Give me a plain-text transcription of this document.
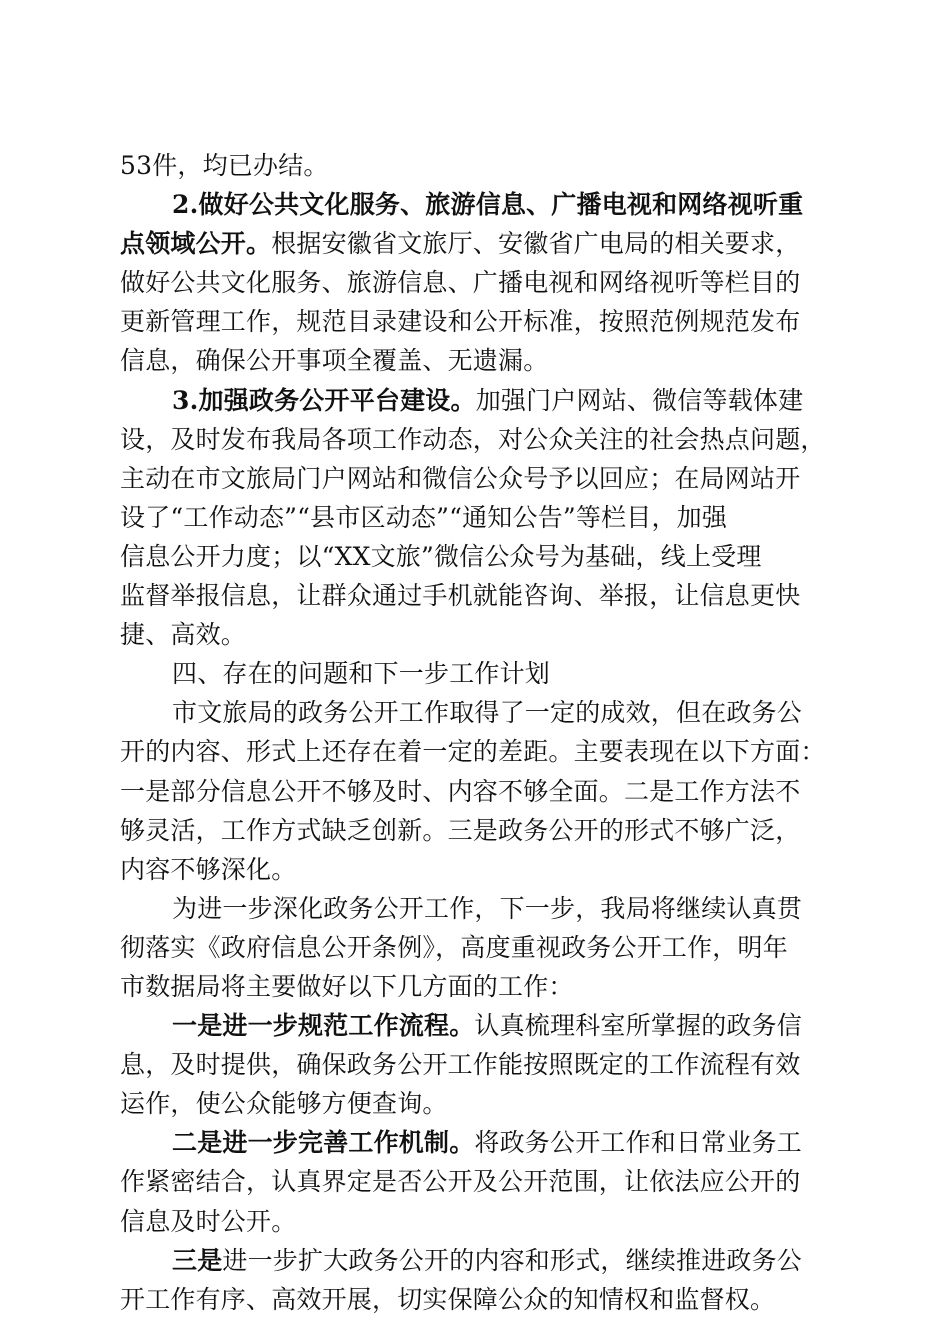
53件，均已办结。
2.做好公共文化服务、旅游信息、广播电视和网络视听重
点领域公开。根据安徽省文旅厅、安徽省广电局的相关要求，
做好公共文化服务、旅游信息、广播电视和网络视听等栏目的
更新管理工作，规范目录建设和公开标准，按照范例规范发布
信息，确保公开事项全覆盖、无遗漏。
3.加强政务公开平台建设。加强门户网站、微信等载体建
设，及时发布我局各项工作动态，对公众关注的社会热点问题，
主动在市文旅局门户网站和微信公众号予以回应；在局网站开
设了“工作动态”“县市区动态”“通知公告”等栏目，加强
信息公开力度；以“XX文旅”微信公众号为基础，线上受理
监督举报信息，让群众通过手机就能咨询、举报，让信息更快
捷、高效。
四、存在的问题和下一步工作计划
市文旅局的政务公开工作取得了一定的成效，但在政务公
开的内容、形式上还存在着一定的差距。主要表现在以下方面：
一是部分信息公开不够及时、内容不够全面。二是工作方法不
够灵活，工作方式缺乏创新。三是政务公开的形式不够广泛，
内容不够深化。
为进一步深化政务公开工作，下一步，我局将继续认真贯
彻落实《政府信息公开条例》，高度重视政务公开工作，明年
市数据局将主要做好以下几方面的工作：
一是进一步规范工作流程。认真梳理科室所掌握的政务信
息，及时提供，确保政务公开工作能按照既定的工作流程有效
运作，使公众能够方便查询。
二是进一步完善工作机制。将政务公开工作和日常业务工
作紧密结合，认真界定是否公开及公开范围，让依法应公开的
信息及时公开。
三是进一步扩大政务公开的内容和形式，继续推进政务公
开工作有序、高效开展，切实保障公众的知情权和监督权。
